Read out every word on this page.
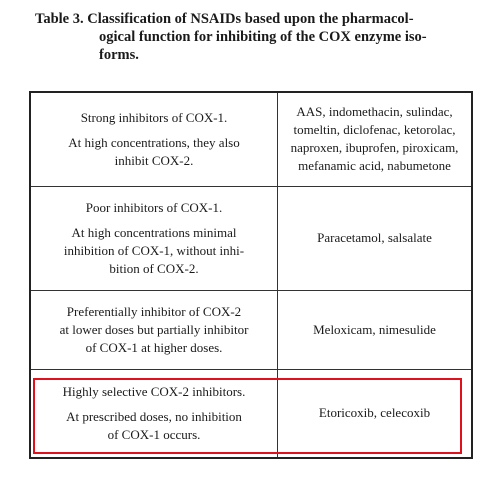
Table 3. Classification of NSAIDs based upon the pharmacol-
ogical function for inhibiting of the COX enzyme iso-
forms.
Strong inhibitors of COX-1.
At high concentrations, they also
inhibit COX-2.	AAS, indomethacin, sulindac,
tomeltin, diclofenac, ketorolac,
naproxen, ibuprofen, piroxicam,
mefanamic acid, nabumetone

Poor inhibitors of COX-1.
At high concentrations minimal
inhibition of COX-1, without inhi-
bition of COX-2.	Paracetamol, salsalate

Preferentially inhibitor of COX-2
at lower doses but partially inhibitor
of COX-1 at higher doses.	Meloxicam, nimesulide

Highly selective COX-2 inhibitors.
At prescribed doses, no inhibition
of COX-1 occurs.	Etoricoxib, celecoxib
